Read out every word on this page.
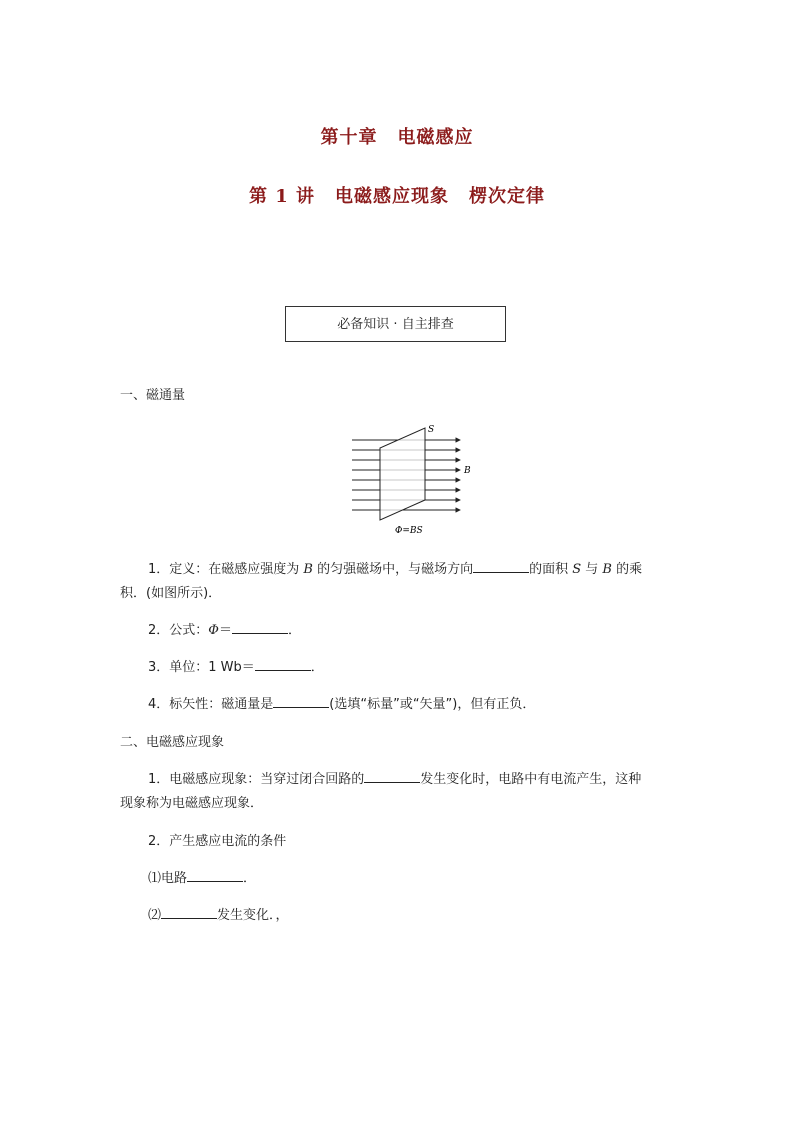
第十章 电磁感应
第 1 讲 电磁感应现象 楞次定律
必备知识 · 自主排查
一、磁通量
S
B
Φ=BS
1．定义：在磁感应强度为 B 的匀强磁场中，与磁场方向	的面积 S 与 B 的乘
积．(如图所示)．
2．公式：Φ＝	．
3．单位：1 Wb＝	．
4．标矢性：磁通量是	(选填“标量”或“矢量”)，但有正负．
二、电磁感应现象
1．电磁感应现象：当穿过闭合回路的	发生变化时，电路中有电流产生，这种
现象称为电磁感应现象．
2．产生感应电流的条件
⑴电路	．
⑵	发生变化．，
